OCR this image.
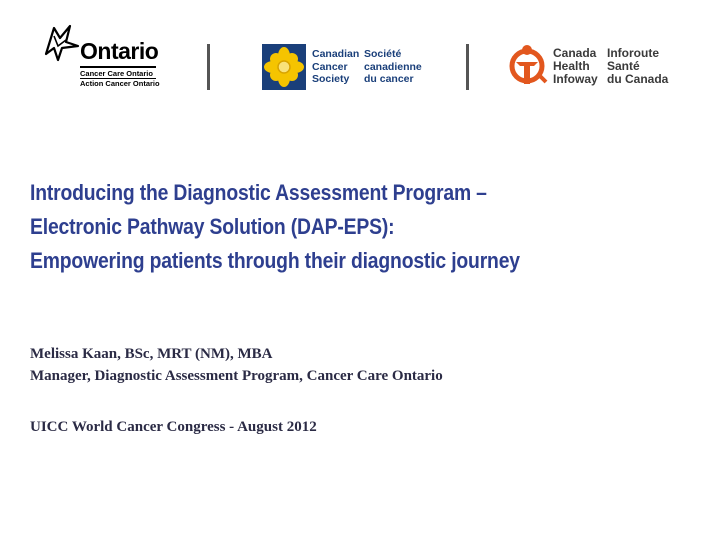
Ontario
Cancer Care Ontario
Action Cancer Ontario
Canadian
Cancer
Society
Société
canadienne
du cancer
Canada
Health
Infoway
Inforoute
Santé
du Canada
Introducing the Diagnostic Assessment Program –
Electronic Pathway Solution (DAP-EPS):
Empowering patients through their diagnostic journey
Melissa Kaan, BSc, MRT (NM), MBA
Manager, Diagnostic Assessment Program, Cancer Care Ontario
UICC World Cancer Congress - August 2012
